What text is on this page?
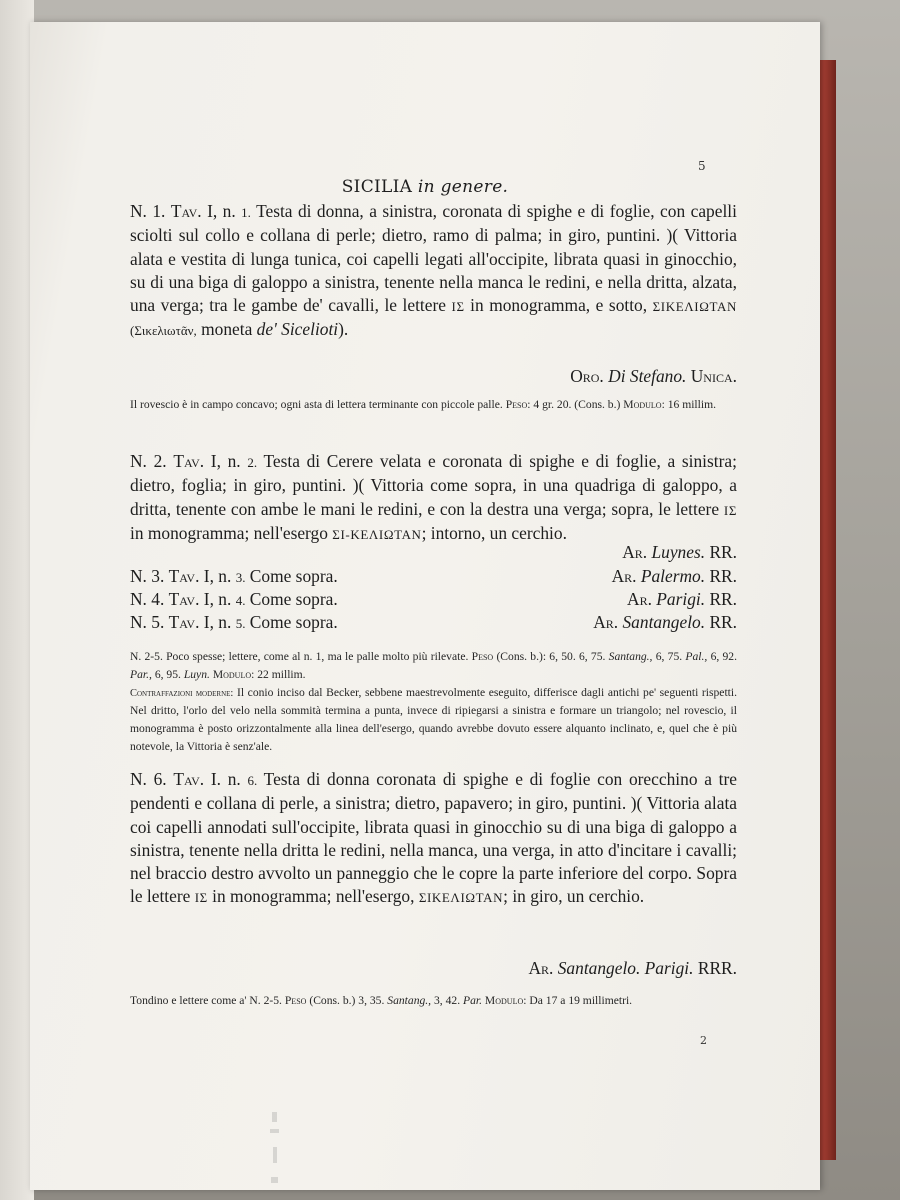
5
SICILIA in genere.

N. 1. Tav. I, n. 1. Testa di donna, a sinistra, coronata di spighe e di foglie, con capelli sciolti sul collo e collana di perle; dietro, ramo di palma; in giro, puntini. )( Vittoria alata e vestita di lunga tunica, coi capelli legati all'occipite, librata quasi in ginocchio, su di una biga di galoppo a sinistra, tenente nella manca le redini, e nella dritta, alzata, una verga; tra le gambe de' cavalli, le lettere ΙΣ in monogramma, e sotto, ΣΙΚΕΛΙΩΤΑΝ (Σικελιωτᾶν, moneta de' Sicelioti).

Oro. Di Stefano. Unica.

Il rovescio è in campo concavo; ogni asta di lettera terminante con piccole palle. Peso: 4 gr. 20. (Cons. b.) Modulo: 16 millim.

N. 2. Tav. I, n. 2. Testa di Cerere velata e coronata di spighe e di foglie, a sinistra; dietro, foglia; in giro, puntini. )( Vittoria come sopra, in una quadriga di galoppo, a dritta, tenente con ambe le mani le redini, e con la destra una verga; sopra, le lettere ΙΣ in monogramma; nell'esergo ΣΙ-ΚΕΛΙΩΤΑΝ; intorno, un cerchio.

Ar. Luynes. RR.
N. 3. Tav. I, n. 3. Come sopra.	Ar. Palermo. RR.
N. 4. Tav. I, n. 4. Come sopra.	Ar. Parigi. RR.
N. 5. Tav. I, n. 5. Come sopra.	Ar. Santangelo. RR.

N. 2-5. Poco spesse; lettere, come al n. 1, ma le palle molto più rilevate. Peso (Cons. b.): 6, 50. 6, 75. Santang., 6, 75. Pal., 6, 92. Par., 6, 95. Luyn. Modulo: 22 millim.
Contraffazioni moderne: Il conio inciso dal Becker, sebbene maestrevolmente eseguito, differisce dagli antichi pe' seguenti rispetti. Nel dritto, l'orlo del velo nella sommità termina a punta, invece di ripiegarsi a sinistra e formare un triangolo; nel rovescio, il monogramma è posto orizzontalmente alla linea dell'esergo, quando avrebbe dovuto essere alquanto inclinato, e, quel che è più notevole, la Vittoria è senz'ale.

N. 6. Tav. I. n. 6. Testa di donna coronata di spighe e di foglie con orecchino a tre pendenti e collana di perle, a sinistra; dietro, papavero; in giro, puntini. )( Vittoria alata coi capelli annodati sull'occipite, librata quasi in ginocchio su di una biga di galoppo a sinistra, tenente nella dritta le redini, nella manca, una verga, in atto d'incitare i cavalli; nel braccio destro avvolto un panneggio che le copre la parte inferiore del corpo. Sopra le lettere ΙΣ in monogramma; nell'esergo, ΣΙΚΕΛΙΩΤΑΝ; in giro, un cerchio.

Ar. Santangelo. Parigi. RRR.

Tondino e lettere come a' N. 2-5. Peso (Cons. b.) 3, 35. Santang., 3, 42. Par. Modulo: Da 17 a 19 millimetri.

2
